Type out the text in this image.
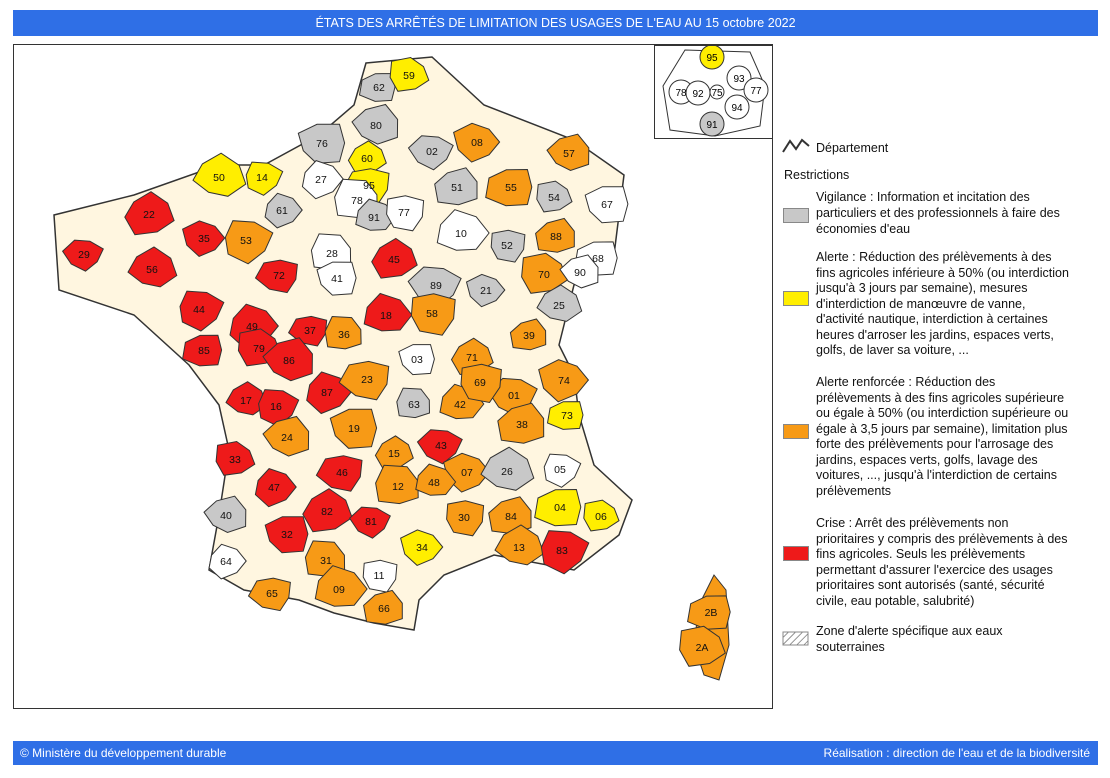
ÉTATS DES ARRÊTÉS DE LIMITATION DES USAGES DE L'EAU AU 15 octobre 2022
62
59
80
76
60
02
08
50	14	27	95
78
91 77
51	55
54
57
67
22
29
35
56
53
61
72
28
10
52
88
68
70 90
41
45
89	21
25
44
49	37 36
18	58
39
85	79
86	03	71
01
74
17 16
87
23
63	42
69
38
73
33
24
19
15
43
07	26	05
47
46
12 48
30	84
04
06
40
32
82
81
34	13	83
64
65
31
09
11
66	2B
2A
95
93
78 92 75	77
94
91
Département
Restrictions
Vigilance : Information et incitation des
particuliers et des professionnels à faire des
économies d'eau
Alerte : Réduction des prélèvements à des
fins agricoles inférieure à 50% (ou interdiction
jusqu'à 3 jours par semaine), mesures
d'interdiction de manœuvre de vanne,
d'activité nautique, interdiction à certaines
heures d'arroser les jardins, espaces verts,
golfs, de laver sa voiture, ...
Alerte renforcée : Réduction des
prélèvements à des fins agricoles supérieure
ou égale à 50% (ou interdiction supérieure ou
égale à 3,5 jours par semaine), limitation plus
forte des prélèvements pour l'arrosage des
jardins, espaces verts, golfs, lavage des
voitures, ..., jusqu'à l'interdiction de certains
prélèvements
Crise : Arrêt des prélèvements non
prioritaires y compris des prélèvements à des
fins agricoles. Seuls les prélèvements
permettant d'assurer l'exercice des usages
prioritaires sont autorisés (santé, sécurité
civile, eau potable, salubrité)
Zone d'alerte spécifique aux eaux
souterraines
© Ministère du développement durable	Réalisation : direction de l'eau et de la biodiversité
